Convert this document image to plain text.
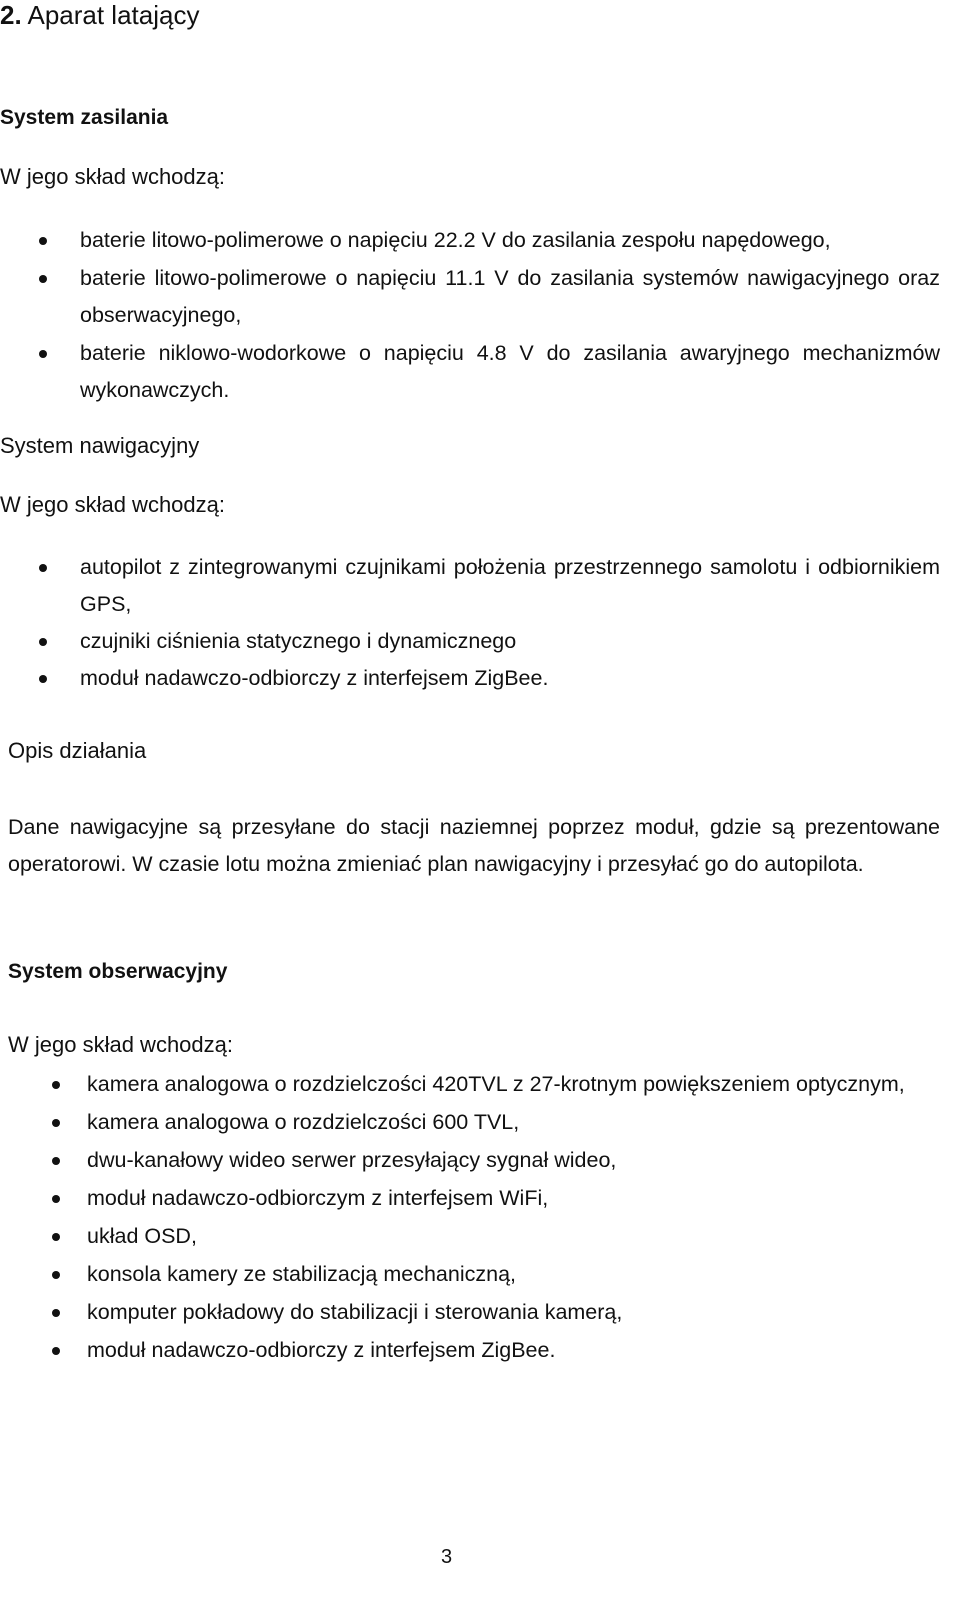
2. Aparat latający
System zasilania
W jego skład wchodzą:
baterie litowo-polimerowe o napięciu 22.2 V do zasilania zespołu napędowego,
baterie litowo-polimerowe o napięciu 11.1 V do zasilania systemów nawigacyjnego oraz obserwacyjnego,
baterie niklowo-wodorkowe o napięciu 4.8 V do zasilania awaryjnego mechanizmów wykonawczych.
System nawigacyjny
W jego skład wchodzą:
autopilot z zintegrowanymi czujnikami położenia przestrzennego samolotu i odbiornikiem GPS,
czujniki ciśnienia statycznego i dynamicznego
moduł nadawczo-odbiorczy z interfejsem ZigBee.
Opis działania

Dane nawigacyjne są przesyłane do stacji naziemnej poprzez moduł, gdzie są prezentowane operatorowi. W czasie lotu można zmieniać plan nawigacyjny i przesyłać go do autopilota.

System obserwacyjny
W jego skład wchodzą:
kamera analogowa o rozdzielczości 420TVL z 27-krotnym powiększeniem optycznym,
kamera analogowa o rozdzielczości 600 TVL,
dwu-kanałowy wideo serwer przesyłający sygnał wideo,
moduł nadawczo-odbiorczym z interfejsem WiFi,
układ OSD,
konsola kamery ze stabilizacją mechaniczną,
komputer pokładowy do stabilizacji i sterowania kamerą,
moduł nadawczo-odbiorczy z interfejsem ZigBee.
3
